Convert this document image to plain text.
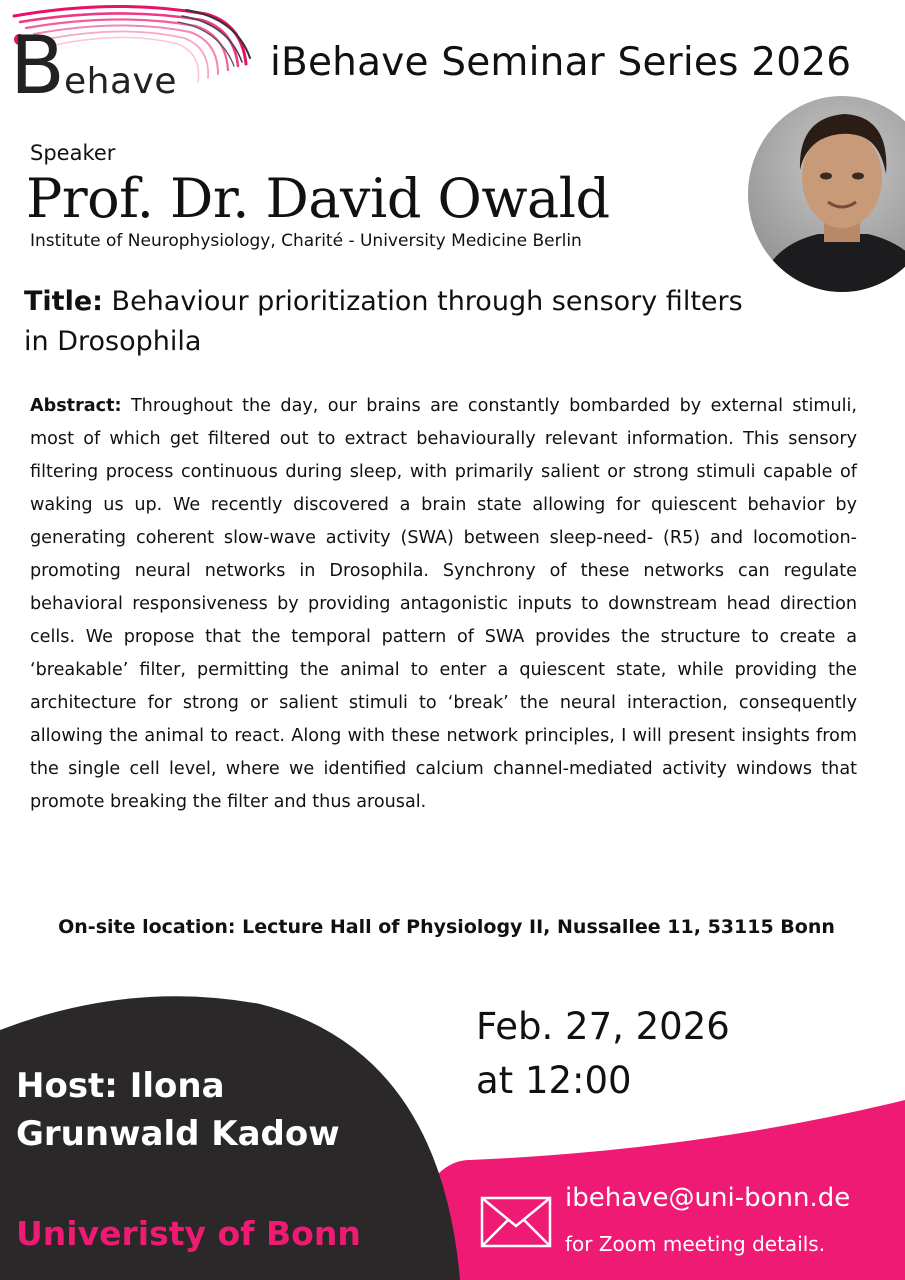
B ehave iBehave Seminar Series 2026
Speaker
Prof. Dr. David Owald
Institute of Neurophysiology, Charité - University Medicine Berlin
Title: Behaviour prioritization through sensory filters in Drosophila
Abstract: Throughout the day, our brains are constantly bombarded by external stimuli, most of which get filtered out to extract behaviourally relevant information. This sensory filtering process continuous during sleep, with primarily salient or strong stimuli capable of waking us up. We recently discovered a brain state allowing for quiescent behavior by generating coherent slow-wave activity (SWA) between sleep-need- (R5) and locomotion-promoting neural networks in Drosophila. Synchrony of these networks can regulate behavioral responsiveness by providing antagonistic inputs to downstream head direction cells. We propose that the temporal pattern of SWA provides the structure to create a ‘breakable’ filter, permitting the animal to enter a quiescent state, while providing the architecture for strong or salient stimuli to ‘break’ the neural interaction, consequently allowing the animal to react. Along with these network principles, I will present insights from the single cell level, where we identified calcium channel-mediated activity windows that promote breaking the filter and thus arousal.
On-site location: Lecture Hall of Physiology II, Nussallee 11, 53115 Bonn
Feb. 27, 2026
at 12:00
Host: Ilona
Grunwald Kadow
Univeristy of Bonn
ibehave@uni-bonn.de
for Zoom meeting details.
